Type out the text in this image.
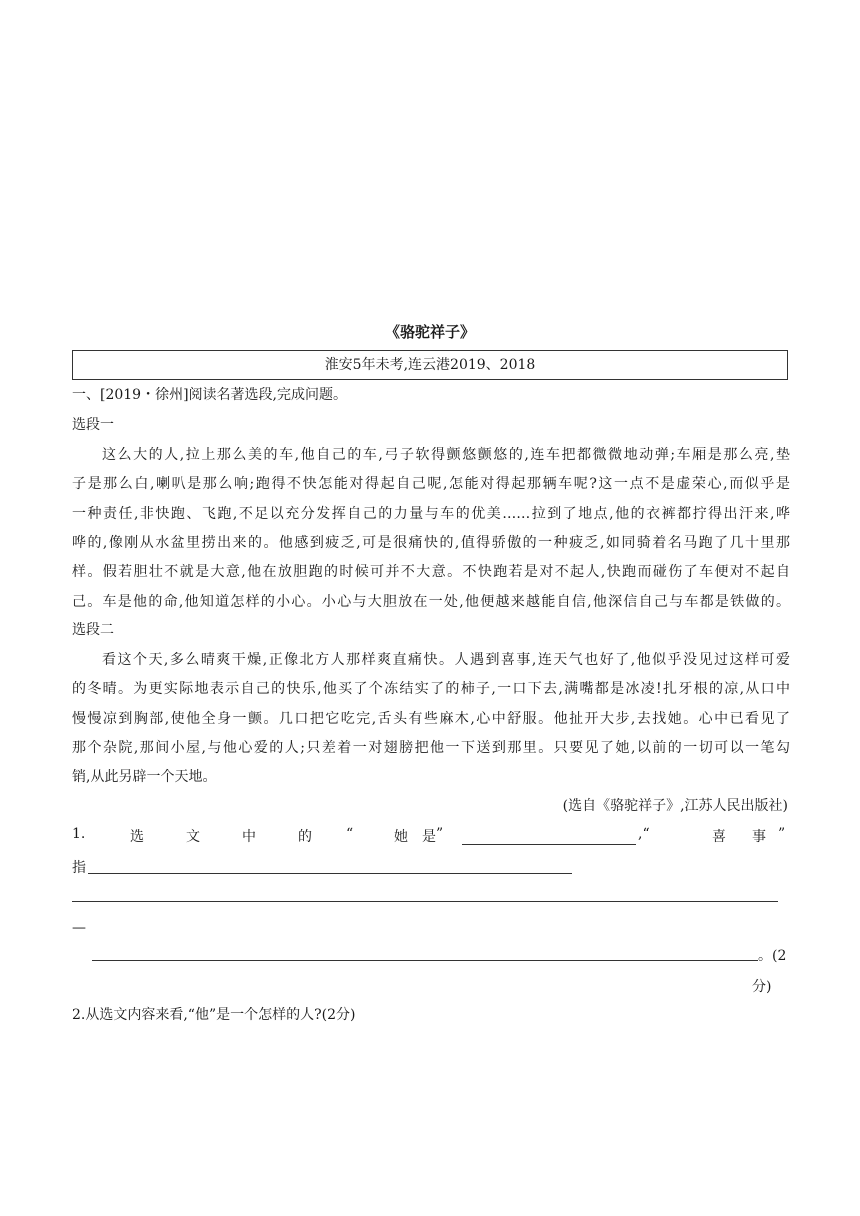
《骆驼祥子》
淮安5年未考,连云港2019、2018
一、[2019・徐州]阅读名著选段,完成问题。
选段一
这么大的人,拉上那么美的车,他自己的车,弓子软得颤悠颤悠的,连车把都微微地动弹;车厢是那么亮,垫
子是那么白,喇叭是那么响;跑得不快怎能对得起自己呢,怎能对得起那辆车呢?这一点不是虚荣心,而似乎是
一种责任,非快跑、飞跑,不足以充分发挥自己的力量与车的优美……拉到了地点,他的衣裤都拧得出汗来,哗
哗的,像刚从水盆里捞出来的。他感到疲乏,可是很痛快的,值得骄傲的一种疲乏,如同骑着名马跑了几十里那
样。假若胆壮不就是大意,他在放胆跑的时候可并不大意。不快跑若是对不起人,快跑而碰伤了车便对不起自
己。车是他的命,他知道怎样的小心。小心与大胆放在一处,他便越来越能自信,他深信自己与车都是铁做的。
选段二
看这个天,多么晴爽干燥,正像北方人那样爽直痛快。人遇到喜事,连天气也好了,他似乎没见过这样可爱
的冬晴。为更实际地表示自己的快乐,他买了个冻结实了的柿子,一口下去,满嘴都是冰凌!扎牙根的凉,从口中
慢慢凉到胸部,使他全身一颤。几口把它吃完,舌头有些麻木,心中舒服。他扯开大步,去找她。心中已看见了
那个杂院,那间小屋,与他心爱的人;只差着一对翅膀把他一下送到那里。只要见了她,以前的一切可以一笔勾
销,从此另辟一个天地。
(选自《骆驼祥子》,江苏人民出版社)
1.	选	文	中	的 “	她 ”
是	,“	喜 事 ”
指
—
。(2
分)
2.从选文内容来看,“他”是一个怎样的人?(2分)
